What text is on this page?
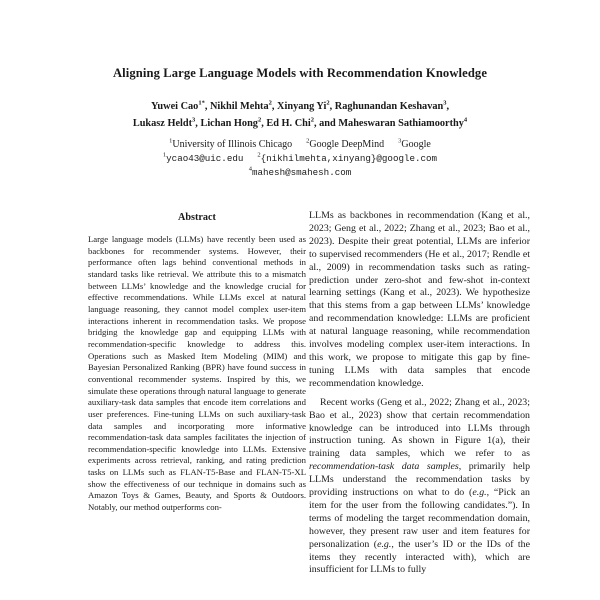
Aligning Large Language Models with Recommendation Knowledge
Yuwei Cao$^{1*}$, Nikhil Mehta$^2$, Xinyang Yi$^2$, Raghunandan Keshavan$^3$,
Lukasz Heldt$^3$, Lichan Hong$^2$, Ed H. Chi$^2$, and Maheswaran Sathiamoorthy$^4$
$^1$University of Illinois Chicago $^2$Google DeepMind $^3$Google
$^1$ycao43@uic.edu $^2${nikhilmehta,xinyang}@google.com
$^4$mahesh@smahesh.com
Abstract

Large language models (LLMs) have recently been used as backbones for recommender systems. However, their performance often lags behind conventional methods in standard tasks like retrieval. We attribute this to a mismatch between LLMs’ knowledge and the knowledge crucial for effective recommendations. While LLMs excel at natural language reasoning, they cannot model complex user-item interactions inherent in recommendation tasks. We propose bridging the knowledge gap and equipping LLMs with recommendation-specific knowledge to address this. Operations such as Masked Item Modeling (MIM) and Bayesian Personalized Ranking (BPR) have found success in conventional recommender systems. Inspired by this, we simulate these operations through natural language to generate auxiliary-task data samples that encode item correlations and user preferences. Fine-tuning LLMs on such auxiliary-task data samples and incorporating more informative recommendation-task data samples facilitates the injection of recommendation-specific knowledge into LLMs. Extensive experiments across retrieval, ranking, and rating prediction tasks on LLMs such as FLAN-T5-Base and FLAN-T5-XL show the effectiveness of our technique in domains such as Amazon Toys & Games, Beauty, and Sports & Outdoors. Notably, our method outperforms con-

LLMs as backbones in recommendation (Kang et al., 2023; Geng et al., 2022; Zhang et al., 2023; Bao et al., 2023). Despite their great potential, LLMs are inferior to supervised recommenders (He et al., 2017; Rendle et al., 2009) in recommendation tasks such as rating-prediction under zero-shot and few-shot in-context learning settings (Kang et al., 2023). We hypothesize that this stems from a gap between LLMs’ knowledge and recommendation knowledge: LLMs are proficient at natural language reasoning, while recommendation involves modeling complex user-item interactions. In this work, we propose to mitigate this gap by fine-tuning LLMs with data samples that encode recommendation knowledge.

Recent works (Geng et al., 2022; Zhang et al., 2023; Bao et al., 2023) show that certain recommendation knowledge can be introduced into LLMs through instruction tuning. As shown in Figure 1(a), their training data samples, which we refer to as recommendation-task data samples, primarily help LLMs understand the recommendation tasks by providing instructions on what to do (e.g., “Pick an item for the user from the following candidates.”). In terms of modeling the target recommendation domain, however, they present raw user and item features for personalization (e.g., the user’s ID or the IDs of the items they recently interacted with), which are insufficient for LLMs to fully
